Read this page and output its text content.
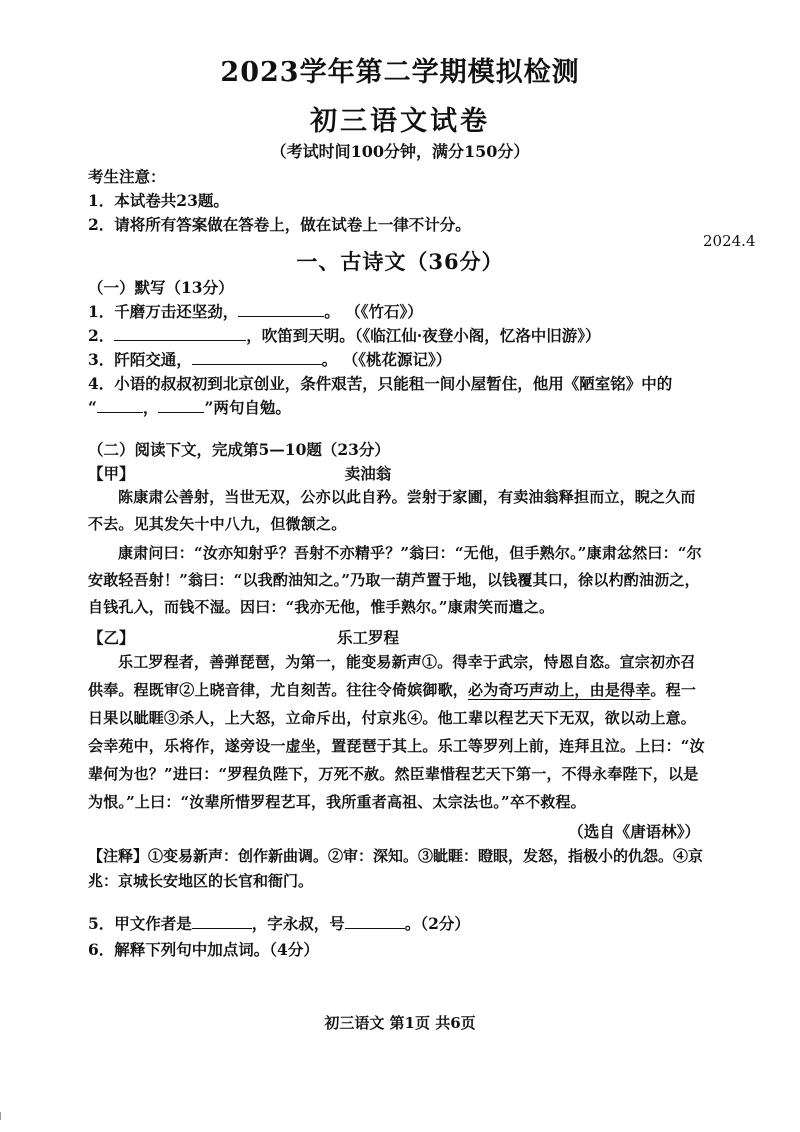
2023学年第二学期模拟检测
初三语文试卷
（考试时间100分钟，满分150分）
考生注意：
1．本试卷共23题。
2．请将所有答案做在答卷上，做在试卷上一律不计分。
2024.4
一、古诗文（36分）
（一）默写（13分）
1．千磨万击还坚劲，	。 （《竹石》）
2．	，吹笛到天明。（《临江仙·夜登小阁，忆洛中旧游》）
3．阡陌交通，	。 （《桃花源记》）
4．小语的叔叔初到北京创业，条件艰苦，只能租一间小屋暂住，他用《陋室铭》中的
“	，	”两句自勉。
（二）阅读下文，完成第5—10题（23分）
【甲】	卖油翁
陈康肃公善射，当世无双，公亦以此自矜。尝射于家圃，有卖油翁释担而立，睨之久而不去。见其发矢十中八九，但微颔之。
康肃问曰：“汝亦知射乎？吾射不亦精乎？”翁曰：“无他，但手熟尔。”康肃忿然曰：“尔安敢轻吾射！”翁曰：“以我酌油知之。”乃取一葫芦置于地，以钱覆其口，徐以杓酌油沥之，自钱孔入，而钱不湿。因曰：“我亦无他，惟手熟尔。”康肃笑而遣之。
【乙】	乐工罗程
乐工罗程者，善弹琵琶，为第一，能变易新声①。得幸于武宗，恃恩自恣。宣宗初亦召供奉。程既审②上晓音律，尤自刻苦。往往令倚嫔御歌，必为奇巧声动上，由是得幸。程一日果以眦睚③杀人，上大怒，立命斥出，付京兆④。他工辈以程艺天下无双，欲以动上意。会幸苑中，乐将作，遂旁设一虚坐，置琵琶于其上。乐工等罗列上前，连拜且泣。上曰：“汝辈何为也？”进曰：“罗程负陛下，万死不赦。然臣辈惜程艺天下第一，不得永奉陛下，以是为恨。”上曰：“汝辈所惜罗程艺耳，我所重者高祖、太宗法也。”卒不救程。
（选自《唐语林》）
【注释】①变易新声：创作新曲调。②审：深知。③眦睚：瞪眼，发怒，指极小的仇怨。④京兆：京城长安地区的长官和衙门。
5．甲文作者是	，字永叔，号	。（2分）
6．解释下列句中加点词。（4分）
初三语文 第1页 共6页
